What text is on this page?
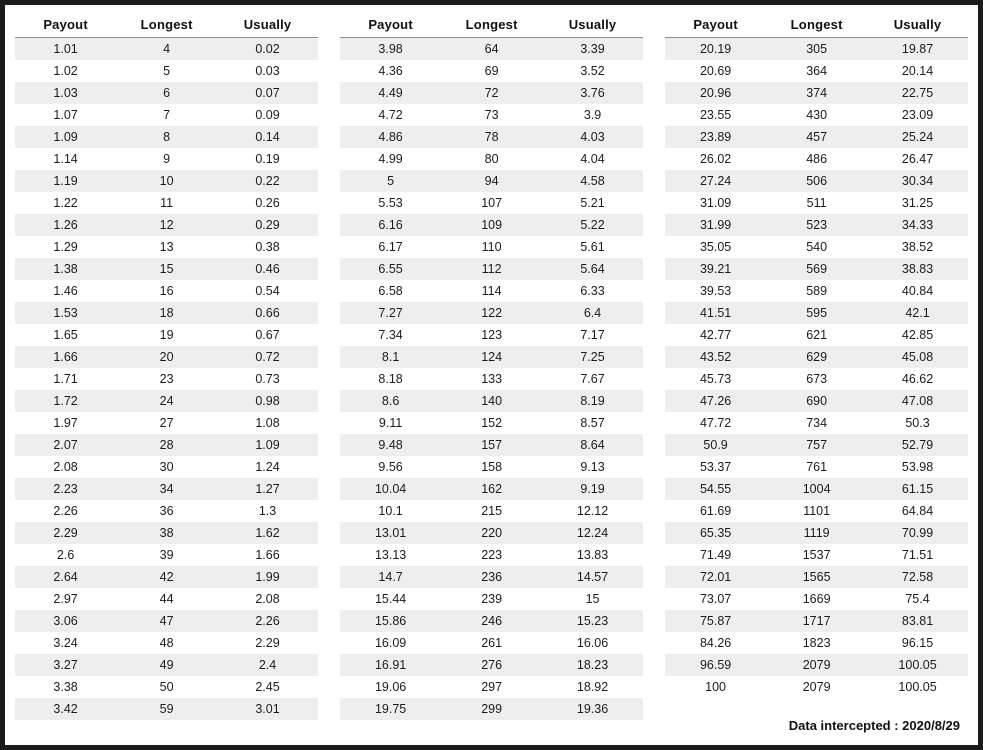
Payout	Longest	Usually
1.01	4	0.02
1.02	5	0.03
1.03	6	0.07
1.07	7	0.09
1.09	8	0.14
1.14	9	0.19
1.19	10	0.22
1.22	11	0.26
1.26	12	0.29
1.29	13	0.38
1.38	15	0.46
1.46	16	0.54
1.53	18	0.66
1.65	19	0.67
1.66	20	0.72
1.71	23	0.73
1.72	24	0.98
1.97	27	1.08
2.07	28	1.09
2.08	30	1.24
2.23	34	1.27
2.26	36	1.3
2.29	38	1.62
2.6	39	1.66
2.64	42	1.99
2.97	44	2.08
3.06	47	2.26
3.24	48	2.29
3.27	49	2.4
3.38	50	2.45
3.42	59	3.01
Payout	Longest	Usually
3.98	64	3.39
4.36	69	3.52
4.49	72	3.76
4.72	73	3.9
4.86	78	4.03
4.99	80	4.04
5	94	4.58
5.53	107	5.21
6.16	109	5.22
6.17	110	5.61
6.55	112	5.64
6.58	114	6.33
7.27	122	6.4
7.34	123	7.17
8.1	124	7.25
8.18	133	7.67
8.6	140	8.19
9.11	152	8.57
9.48	157	8.64
9.56	158	9.13
10.04	162	9.19
10.1	215	12.12
13.01	220	12.24
13.13	223	13.83
14.7	236	14.57
15.44	239	15
15.86	246	15.23
16.09	261	16.06
16.91	276	18.23
19.06	297	18.92
19.75	299	19.36
Payout	Longest	Usually
20.19	305	19.87
20.69	364	20.14
20.96	374	22.75
23.55	430	23.09
23.89	457	25.24
26.02	486	26.47
27.24	506	30.34
31.09	511	31.25
31.99	523	34.33
35.05	540	38.52
39.21	569	38.83
39.53	589	40.84
41.51	595	42.1
42.77	621	42.85
43.52	629	45.08
45.73	673	46.62
47.26	690	47.08
47.72	734	50.3
50.9	757	52.79
53.37	761	53.98
54.55	1004	61.15
61.69	1101	64.84
65.35	1119	70.99
71.49	1537	71.51
72.01	1565	72.58
73.07	1669	75.4
75.87	1717	83.81
84.26	1823	96.15
96.59	2079	100.05
100	2079	100.05
Data intercepted : 2020/8/29
